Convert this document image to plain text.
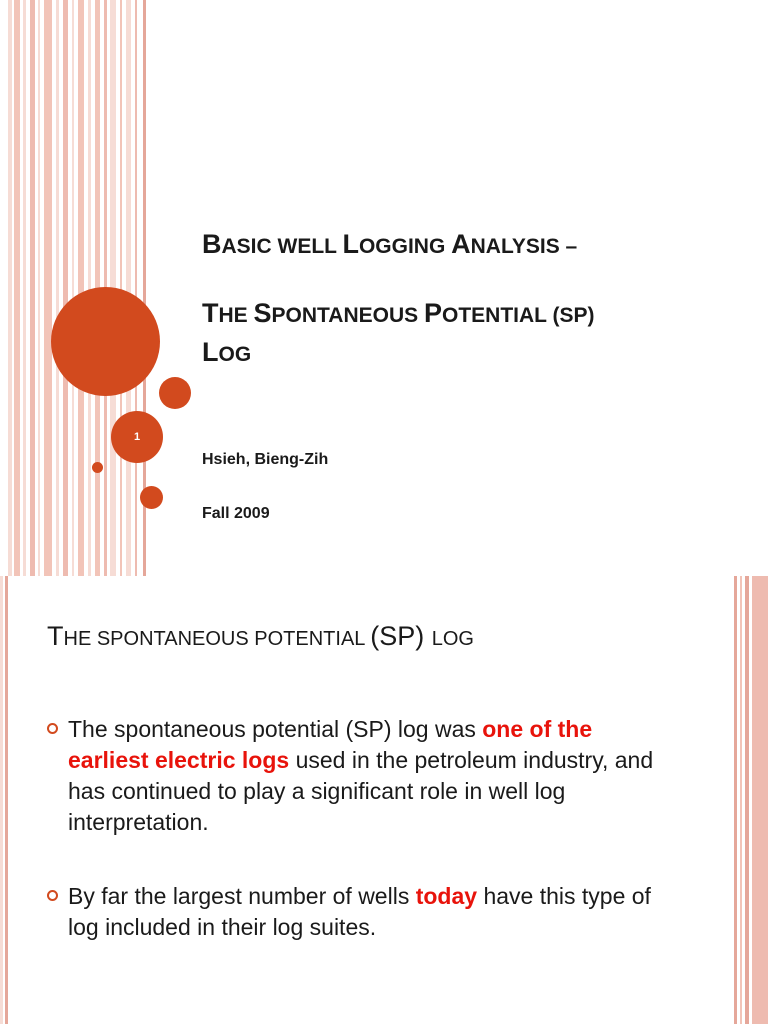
1

BASIC WELL LOGGING ANALYSIS –

THE SPONTANEOUS POTENTIAL (SP)

LOG

Hsieh, Bieng-Zih
Fall 2009
THE SPONTANEOUS POTENTIAL (SP) LOG
The spontaneous potential (SP) log was one of the earliest electric logs used in the petroleum industry, and has continued to play a significant role in well log interpretation.
By far the largest number of wells today have this type of log included in their log suites.
